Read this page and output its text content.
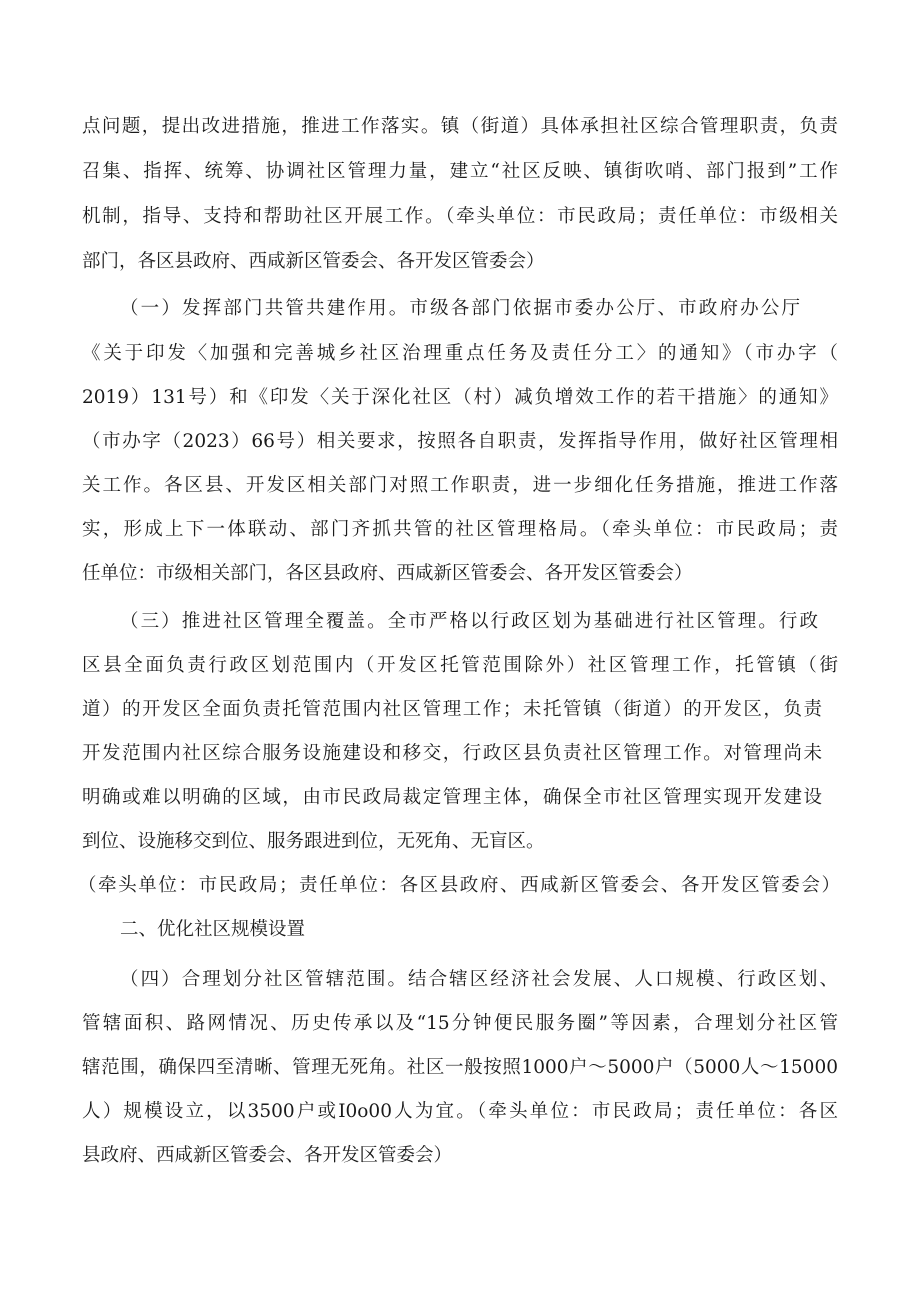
点问题，提出改进措施，推进工作落实。镇（街道）具体承担社区综合管理职责，负责
召集、指挥、统筹、协调社区管理力量，建立“社区反映、镇街吹哨、部门报到”工作
机制，指导、支持和帮助社区开展工作。（牵头单位：市民政局；责任单位：市级相关
部门，各区县政府、西咸新区管委会、各开发区管委会）
（一）发挥部门共管共建作用。市级各部门依据市委办公厅、市政府办公厅
《关于印发〈加强和完善城乡社区治理重点任务及责任分工〉的通知》（市办字（
2019）131号）和《印发〈关于深化社区（村）减负增效工作的若干措施〉的通知》
（市办字（2023）66号）相关要求，按照各自职责，发挥指导作用，做好社区管理相
关工作。各区县、开发区相关部门对照工作职责，进一步细化任务措施，推进工作落
实，形成上下一体联动、部门齐抓共管的社区管理格局。（牵头单位：市民政局；责
任单位：市级相关部门，各区县政府、西咸新区管委会、各开发区管委会）
（三）推进社区管理全覆盖。全市严格以行政区划为基础进行社区管理。行政
区县全面负责行政区划范围内（开发区托管范围除外）社区管理工作，托管镇（街
道）的开发区全面负责托管范围内社区管理工作；未托管镇（街道）的开发区，负责
开发范围内社区综合服务设施建设和移交，行政区县负责社区管理工作。对管理尚未
明确或难以明确的区域，由市民政局裁定管理主体，确保全市社区管理实现开发建设
到位、设施移交到位、服务跟进到位，无死角、无盲区。
（牵头单位：市民政局；责任单位：各区县政府、西咸新区管委会、各开发区管委会）
二、优化社区规模设置
（四）合理划分社区管辖范围。结合辖区经济社会发展、人口规模、行政区划、
管辖面积、路网情况、历史传承以及“15分钟便民服务圈”等因素，合理划分社区管
辖范围，确保四至清晰、管理无死角。社区一般按照1000户～5000户（5000人～15000
人）规模设立，以3500户或I0o00人为宜。（牵头单位：市民政局；责任单位：各区
县政府、西咸新区管委会、各开发区管委会）
